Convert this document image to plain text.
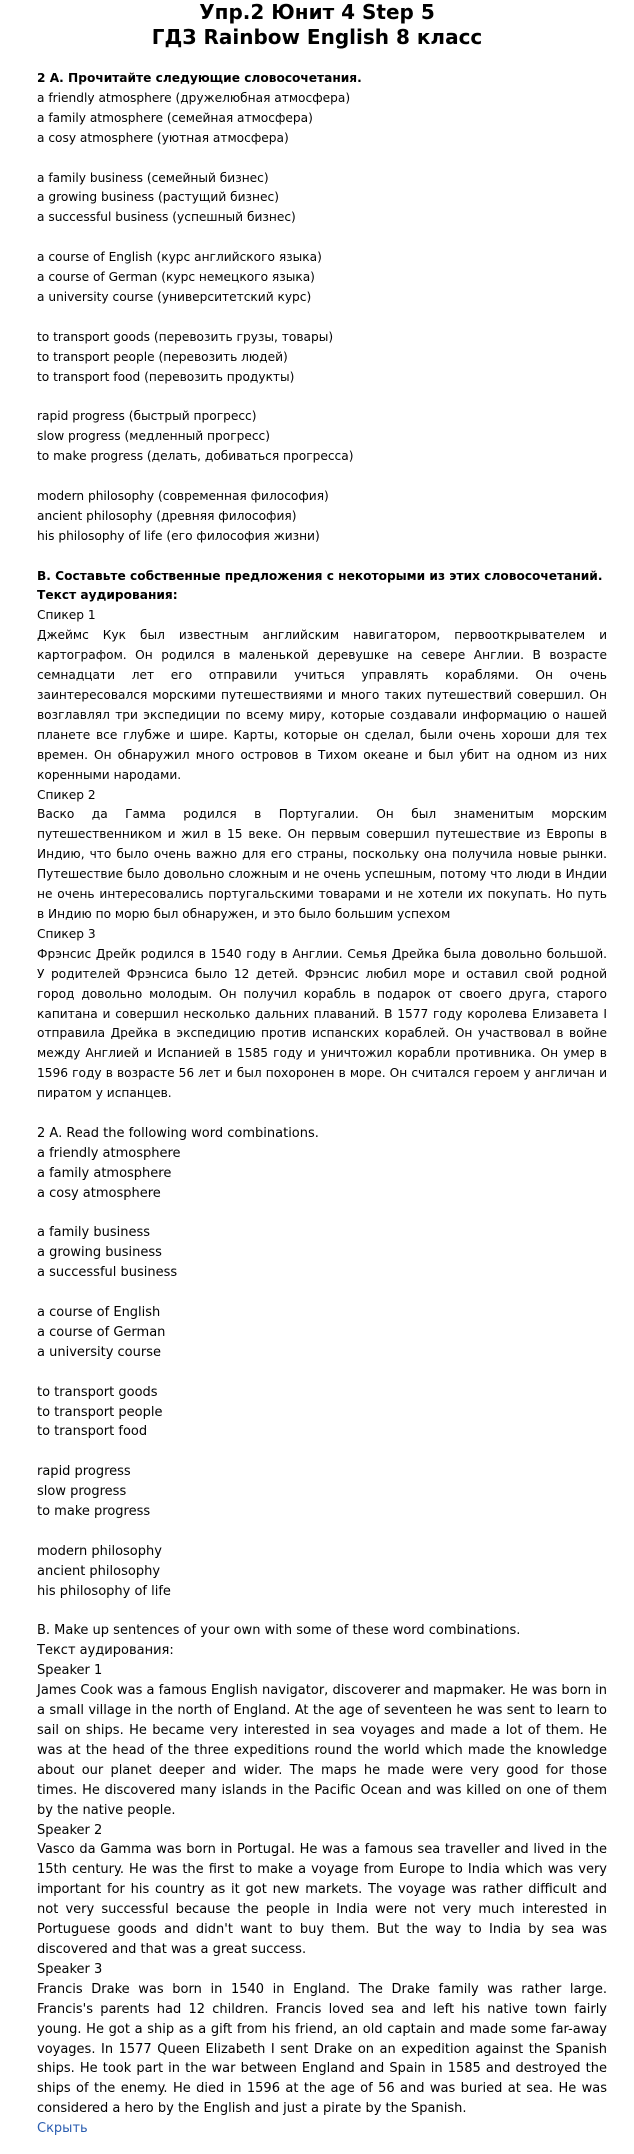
Упр.2 Юнит 4 Step 5

ГДЗ Rainbow English 8 класс

2 А. Прочитайте следующие словосочетания.

a friendly atmosphere (дружелюбная атмосфера)

a family atmosphere (семейная атмосфера)

a cosy atmosphere (уютная атмосфера)

a family business (семейный бизнес)

a growing business (растущий бизнес)

a successful business (успешный бизнес)

a course of English (курс английского языка)

a course of German (курс немецкого языка)

a university course (университетский курс)

to transport goods (перевозить грузы, товары)

to transport people (перевозить людей)

to transport food (перевозить продукты)

rapid progress (быстрый прогресс)

slow progress (медленный прогресс)

to make progress (делать, добиваться прогресса)

modern philosophy (современная философия)

ancient philosophy (древняя философия)

his philosophy of life (его философия жизни)

В. Составьте собственные предложения с некоторыми из этих словосочетаний.

Текст аудирования:

Спикер 1

Джеймс Кук был известным английским навигатором, первооткрывателем и картографом. Он родился в маленькой деревушке на севере Англии. В возрасте семнадцати лет его отправили учиться управлять кораблями. Он очень заинтересовался морскими путешествиями и много таких путешествий совершил. Он возглавлял три экспедиции по всему миру, которые создавали информацию о нашей планете все глубже и шире. Карты, которые он сделал, были очень хороши для тех времен. Он обнаружил много островов в Тихом океане и был убит на одном из них коренными народами.

Спикер 2

Васко да Гамма родился в Португалии. Он был знаменитым морским путешественником и жил в 15 веке. Он первым совершил путешествие из Европы в Индию, что было очень важно для его страны, поскольку она получила новые рынки. Путешествие было довольно сложным и не очень успешным, потому что люди в Индии не очень интересовались португальскими товарами и не хотели их покупать. Но путь в Индию по морю был обнаружен, и это было большим успехом

Спикер 3

Фрэнсис Дрейк родился в 1540 году в Англии. Семья Дрейка была довольно большой. У родителей Фрэнсиса было 12 детей. Фрэнсис любил море и оставил свой родной город довольно молодым. Он получил корабль в подарок от своего друга, старого капитана и совершил несколько дальних плаваний. В 1577 году королева Елизавета I отправила Дрейка в экспедицию против испанских кораблей. Он участвовал в войне между Англией и Испанией в 1585 году и уничтожил корабли противника. Он умер в 1596 году в возрасте 56 лет и был похоронен в море. Он считался героем у англичан и пиратом у испанцев.

2 A. Read the following word combinations.

a friendly atmosphere

a family atmosphere

a cosy atmosphere

a family business

a growing business

a successful business

a course of English

a course of German

a university course

to transport goods

to transport people

to transport food

rapid progress

slow progress

to make progress

modern philosophy

ancient philosophy

his philosophy of life

B. Make up sentences of your own with some of these word combinations.

Текст аудирования:

Speaker 1

James Cook was a famous English navigator, discoverer and mapmaker. He was born in a small village in the north of England. At the age of seventeen he was sent to learn to sail on ships. He became very interested in sea voyages and made a lot of them. He was at the head of the three expeditions round the world which made the knowledge about our planet deeper and wider. The maps he made were very good for those times. He discovered many islands in the Pacific Ocean and was killed on one of them by the native people.

Speaker 2

Vasco da Gamma was born in Portugal. He was a famous sea traveller and lived in the 15th century. He was the first to make a voyage from Europe to India which was very important for his country as it got new markets. The voyage was rather difficult and not very successful because the people in India were not very much interested in Portuguese goods and didn't want to buy them. But the way to India by sea was discovered and that was a great success.

Speaker 3

Francis Drake was born in 1540 in England. The Drake family was rather large. Francis's parents had 12 children. Francis loved sea and left his native town fairly young. He got a ship as a gift from his friend, an old captain and made some far-away voyages. In 1577 Queen Elizabeth I sent Drake on an expedition against the Spanish ships. He took part in the war between England and Spain in 1585 and destroyed the ships of the enemy. He died in 1596 at the age of 56 and was buried at sea. He was considered a hero by the English and just a pirate by the Spanish.

Скрыть
